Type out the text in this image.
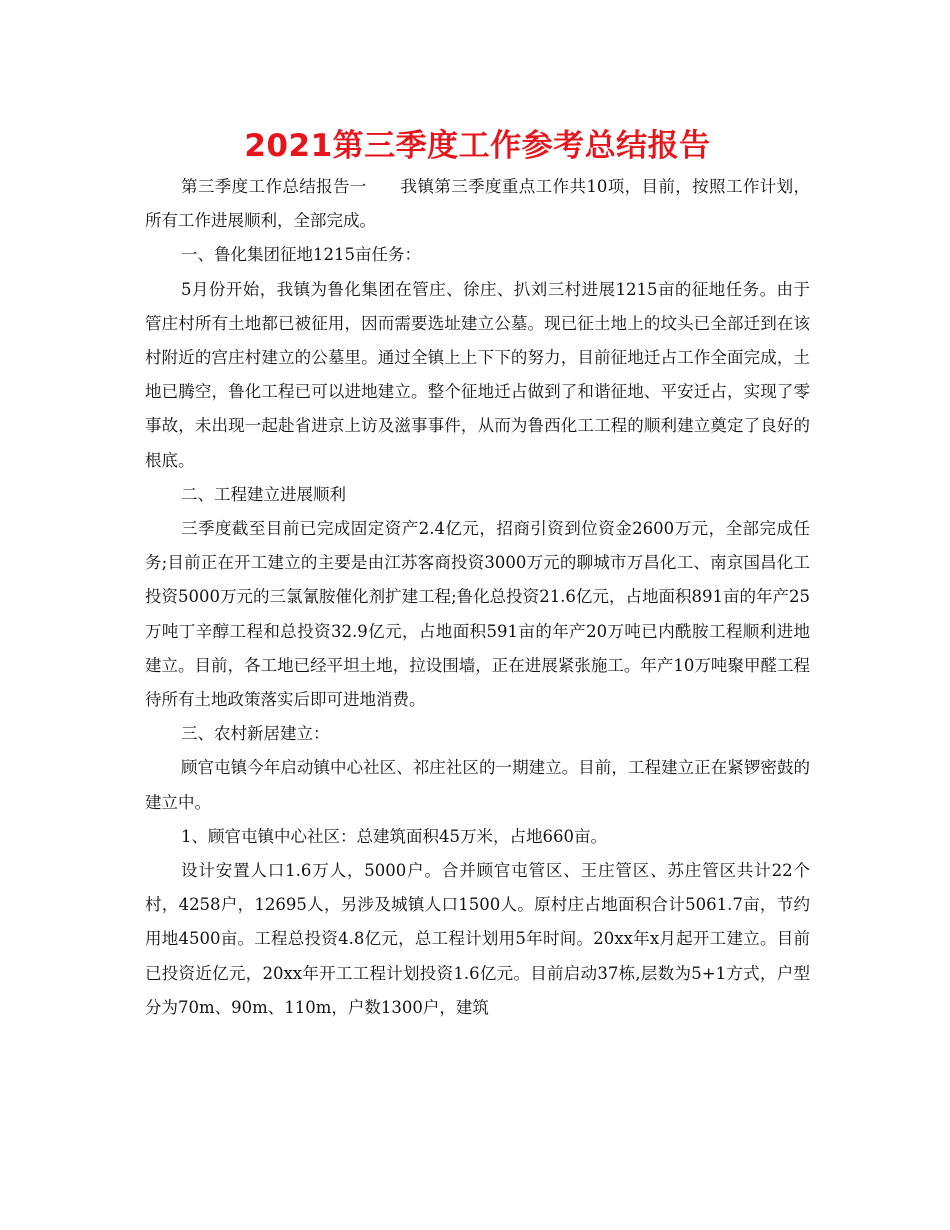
2021第三季度工作参考总结报告

第三季度工作总结报告一　　我镇第三季度重点工作共10项，目前，按照工作计划，所有工作进展顺利，全部完成。

一、鲁化集团征地1215亩任务：

5月份开始，我镇为鲁化集团在管庄、徐庄、扒刘三村进展1215亩的征地任务。由于管庄村所有土地都已被征用，因而需要选址建立公墓。现已征土地上的坟头已全部迁到在该村附近的宫庄村建立的公墓里。通过全镇上上下下的努力，目前征地迁占工作全面完成，土地已腾空，鲁化工程已可以进地建立。整个征地迁占做到了和谐征地、平安迁占，实现了零事故，未出现一起赴省进京上访及滋事事件，从而为鲁西化工工程的顺利建立奠定了良好的根底。

二、工程建立进展顺利

三季度截至目前已完成固定资产2.4亿元，招商引资到位资金2600万元，全部完成任务;目前正在开工建立的主要是由江苏客商投资3000万元的聊城市万昌化工、南京国昌化工投资5000万元的三氯氰胺催化剂扩建工程;鲁化总投资21.6亿元，占地面积891亩的年产25万吨丁辛醇工程和总投资32.9亿元，占地面积591亩的年产20万吨已内酰胺工程顺利进地建立。目前，各工地已经平坦土地，拉设围墙，正在进展紧张施工。年产10万吨聚甲醛工程待所有土地政策落实后即可进地消费。

三、农村新居建立：

顾官屯镇今年启动镇中心社区、祁庄社区的一期建立。目前，工程建立正在紧锣密鼓的建立中。

1、顾官屯镇中心社区：总建筑面积45万米，占地660亩。

设计安置人口1.6万人，5000户。合并顾官屯管区、王庄管区、苏庄管区共计22个村，4258户，12695人，另涉及城镇人口1500人。原村庄占地面积合计5061.7亩，节约用地4500亩。工程总投资4.8亿元，总工程计划用5年时间。20xx年x月起开工建立。目前已投资近亿元，20xx年开工工程计划投资1.6亿元。目前启动37栋,层数为5+1方式，户型分为70m、90m、110m，户数1300户，建筑
